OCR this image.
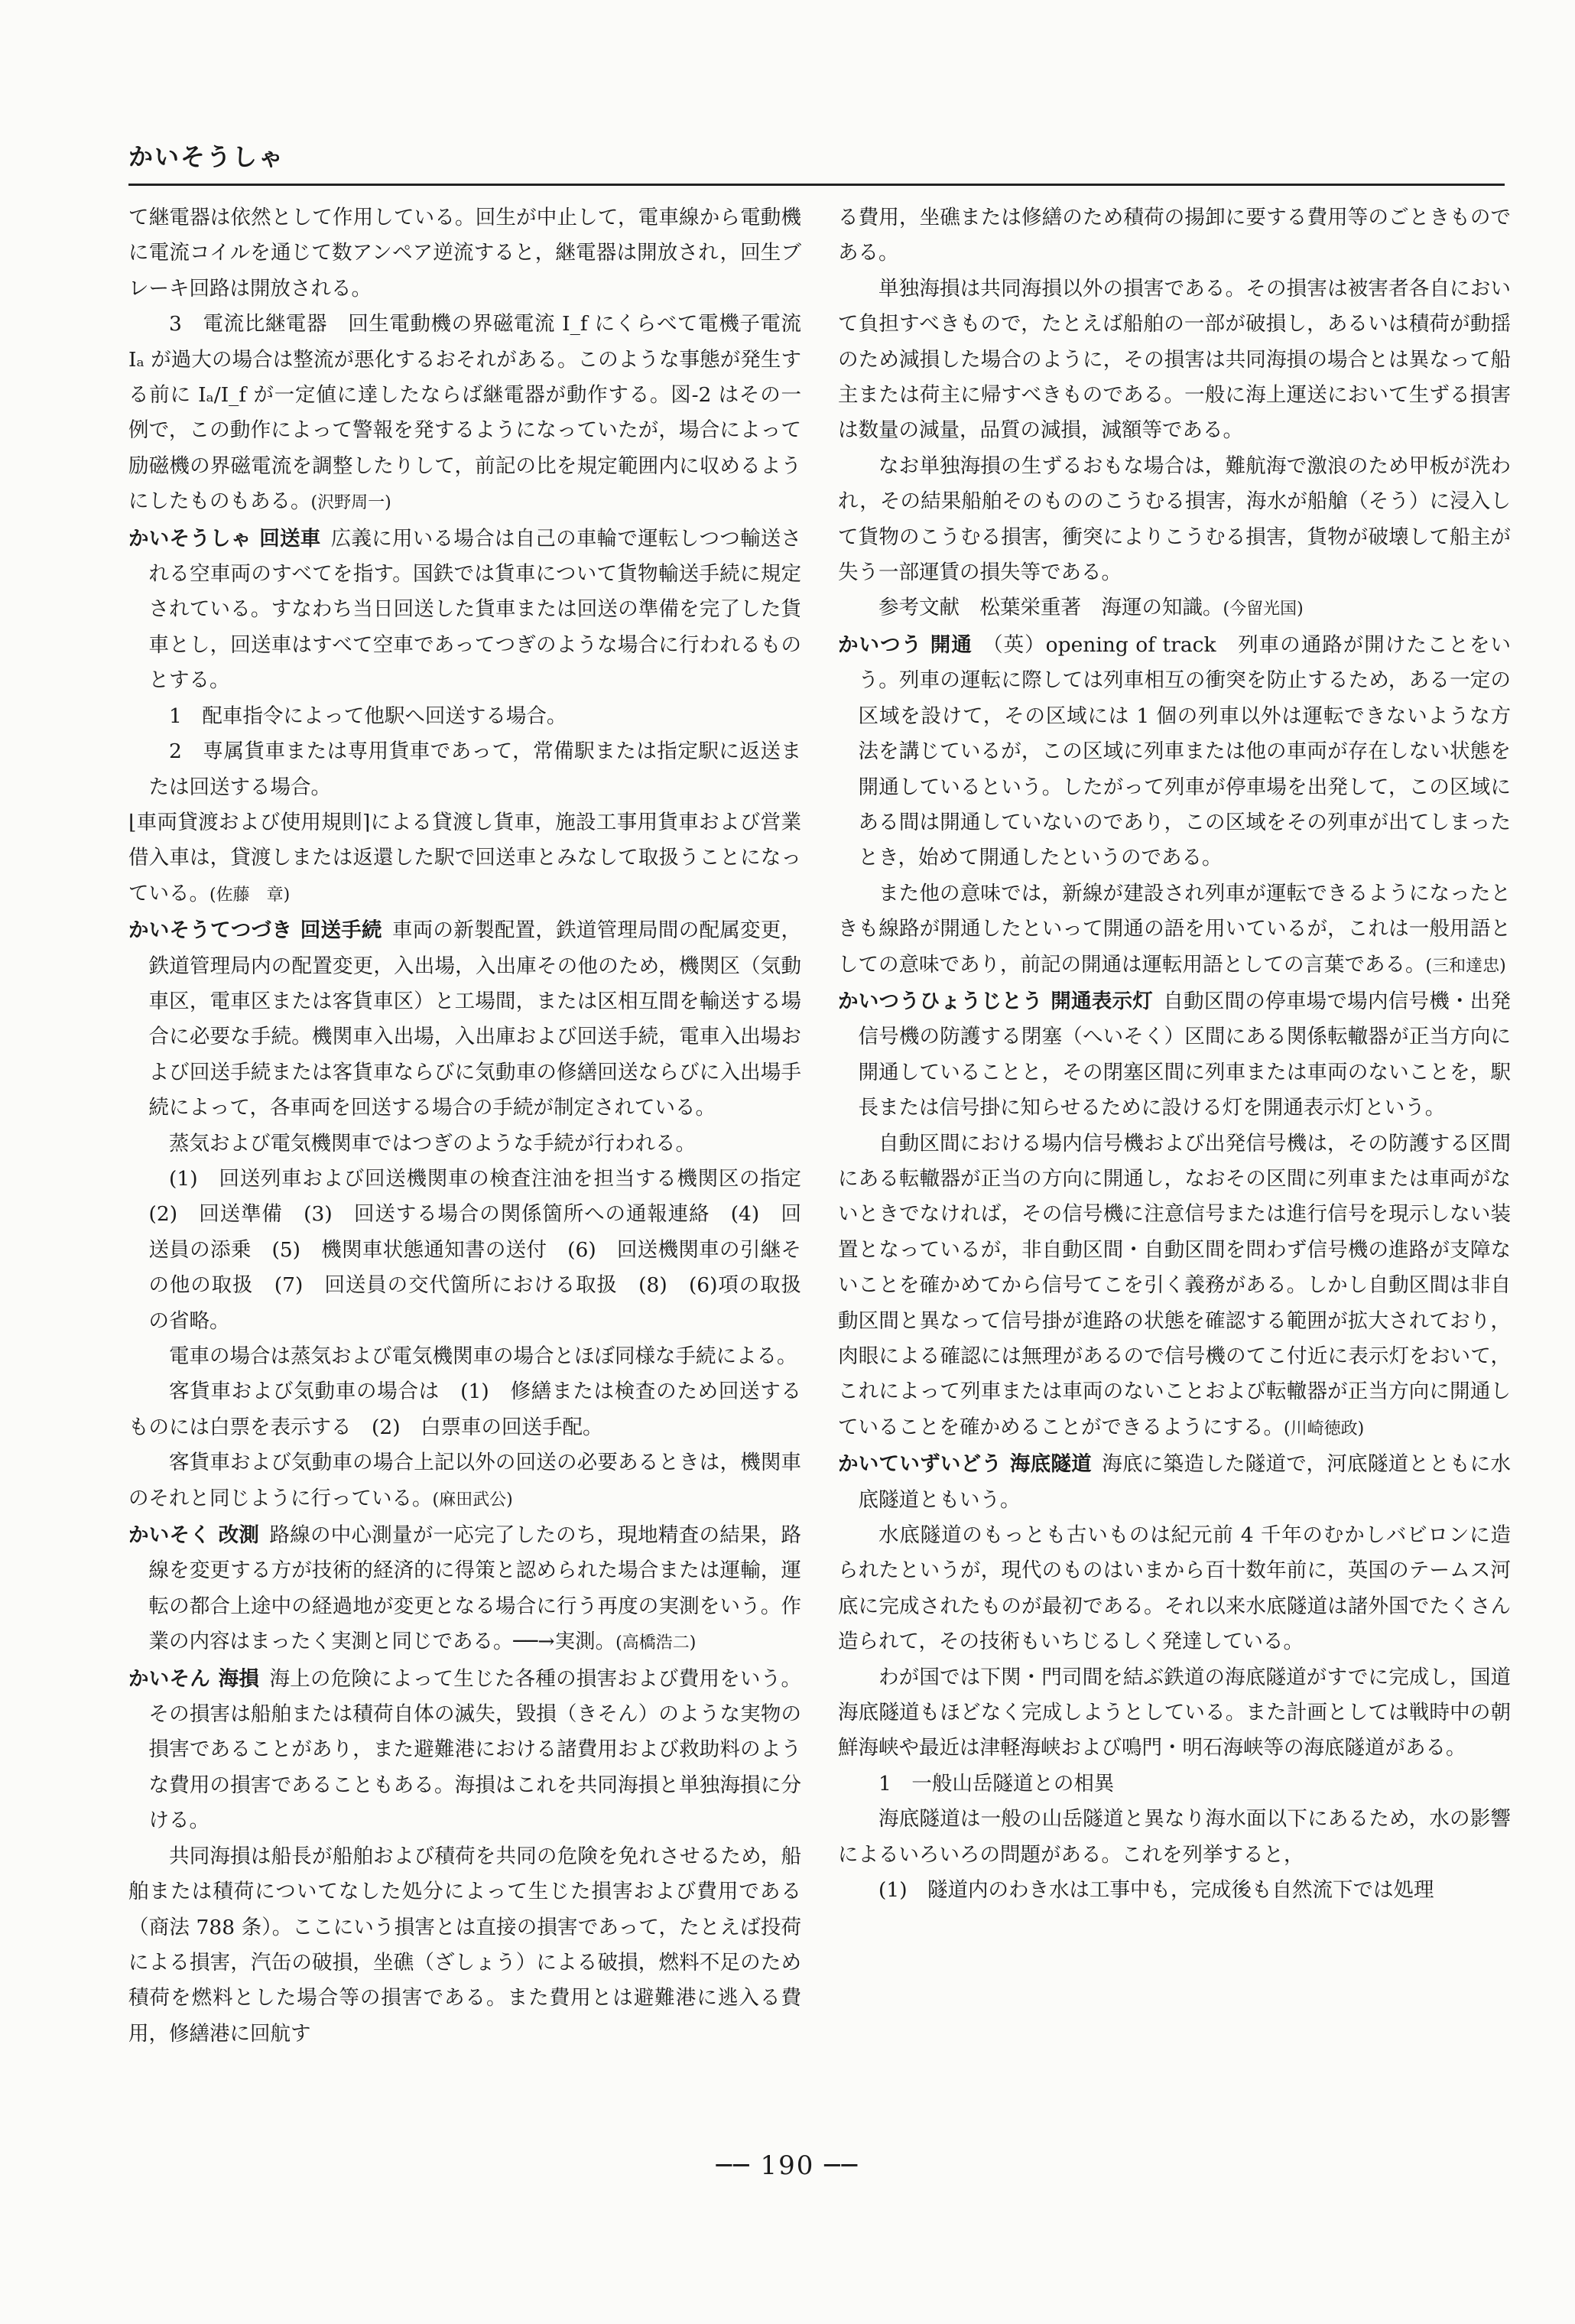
かいそうしゃ

て継電器は依然として作用している。回生が中止して，電車線から電動機に電流コイルを通じて数アンペア逆流すると，継電器は開放され，回生ブレーキ回路は開放される。

3　電流比継電器　回生電動機の界磁電流 I_f にくらべて電機子電流 Iₐ が過大の場合は整流が悪化するおそれがある。このような事態が発生する前に Iₐ/I_f が一定値に達したならば継電器が動作する。図-2 はその一例で，この動作によって警報を発するようになっていたが，場合によって励磁機の界磁電流を調整したりして，前記の比を規定範囲内に収めるようにしたものもある。(沢野周一)

かいそうしゃ 回送車 広義に用いる場合は自己の車輪で運転しつつ輸送される空車両のすべてを指す。国鉄では貨車について貨物輸送手続に規定されている。すなわち当日回送した貨車または回送の準備を完了した貨車とし，回送車はすべて空車であってつぎのような場合に行われるものとする。

1　配車指令によって他駅へ回送する場合。

2　専属貨車または専用貨車であって，常備駅または指定駅に返送または回送する場合。

⌊車両貸渡および使用規則⌉による貸渡し貨車，施設工事用貨車および営業借入車は，貸渡しまたは返還した駅で回送車とみなして取扱うことになっている。(佐藤　章)

かいそうてつづき 回送手続 車両の新製配置，鉄道管理局間の配属変更，鉄道管理局内の配置変更，入出場，入出庫その他のため，機関区（気動車区，電車区または客貨車区）と工場間，または区相互間を輸送する場合に必要な手続。機関車入出場，入出庫および回送手続，電車入出場および回送手続または客貨車ならびに気動車の修繕回送ならびに入出場手続によって，各車両を回送する場合の手続が制定されている。

蒸気および電気機関車ではつぎのような手続が行われる。

(1)　回送列車および回送機関車の検査注油を担当する機関区の指定　(2)　回送準備　(3)　回送する場合の関係箇所への通報連絡　(4)　回送員の添乗　(5)　機関車状態通知書の送付　(6)　回送機関車の引継その他の取扱　(7)　回送員の交代箇所における取扱　(8)　(6)項の取扱の省略。

電車の場合は蒸気および電気機関車の場合とほぼ同様な手続による。

客貨車および気動車の場合は　(1)　修繕または検査のため回送するものには白票を表示する　(2)　白票車の回送手配。

客貨車および気動車の場合上記以外の回送の必要あるときは，機関車のそれと同じように行っている。(麻田武公)

かいそく 改測 路線の中心測量が一応完了したのち，現地精査の結果，路線を変更する方が技術的経済的に得策と認められた場合または運輸，運転の都合上途中の経過地が変更となる場合に行う再度の実測をいう。作業の内容はまったく実測と同じである。──→実測。(高橋浩二)

かいそん 海損 海上の危険によって生じた各種の損害および費用をいう。その損害は船舶または積荷自体の滅失，毀損（きそん）のような実物の損害であることがあり，また避難港における諸費用および救助料のような費用の損害であることもある。海損はこれを共同海損と単独海損に分ける。

共同海損は船長が船舶および積荷を共同の危険を免れさせるため，船舶または積荷についてなした処分によって生じた損害および費用である（商法 788 条）。ここにいう損害とは直接の損害であって，たとえば投荷による損害，汽缶の破損，坐礁（ざしょう）による破損，燃料不足のため積荷を燃料とした場合等の損害である。また費用とは避難港に逃入る費用，修繕港に回航す

る費用，坐礁または修繕のため積荷の揚卸に要する費用等のごときものである。

単独海損は共同海損以外の損害である。その損害は被害者各自において負担すべきもので，たとえば船舶の一部が破損し，あるいは積荷が動揺のため減損した場合のように，その損害は共同海損の場合とは異なって船主または荷主に帰すべきものである。一般に海上運送において生ずる損害は数量の減量，品質の減損，減額等である。

なお単独海損の生ずるおもな場合は，難航海で激浪のため甲板が洗われ，その結果船舶そのもののこうむる損害，海水が船艙（そう）に浸入して貨物のこうむる損害，衝突によりこうむる損害，貨物が破壊して船主が失う一部運賃の損失等である。

参考文献　松葉栄重著　海運の知識。(今留光国)

かいつう 開通 （英）opening of track　列車の通路が開けたことをいう。列車の運転に際しては列車相互の衝突を防止するため，ある一定の区域を設けて，その区域には 1 個の列車以外は運転できないような方法を講じているが，この区域に列車または他の車両が存在しない状態を開通しているという。したがって列車が停車場を出発して，この区域にある間は開通していないのであり，この区域をその列車が出てしまったとき，始めて開通したというのである。

また他の意味では，新線が建設され列車が運転できるようになったときも線路が開通したといって開通の語を用いているが，これは一般用語としての意味であり，前記の開通は運転用語としての言葉である。(三和達忠)

かいつうひょうじとう 開通表示灯 自動区間の停車場で場内信号機・出発信号機の防護する閉塞（へいそく）区間にある関係転轍器が正当方向に開通していることと，その閉塞区間に列車または車両のないことを，駅長または信号掛に知らせるために設ける灯を開通表示灯という。

自動区間における場内信号機および出発信号機は，その防護する区間にある転轍器が正当の方向に開通し，なおその区間に列車または車両がないときでなければ，その信号機に注意信号または進行信号を現示しない装置となっているが，非自動区間・自動区間を問わず信号機の進路が支障ないことを確かめてから信号てこを引く義務がある。しかし自動区間は非自動区間と異なって信号掛が進路の状態を確認する範囲が拡大されており，肉眼による確認には無理があるので信号機のてこ付近に表示灯をおいて，これによって列車または車両のないことおよび転轍器が正当方向に開通していることを確かめることができるようにする。(川崎徳政)

かいていずいどう 海底隧道 海底に築造した隧道で，河底隧道とともに水底隧道ともいう。

水底隧道のもっとも古いものは紀元前 4 千年のむかしバビロンに造られたというが，現代のものはいまから百十数年前に，英国のテームス河底に完成されたものが最初である。それ以来水底隧道は諸外国でたくさん造られて，その技術もいちじるしく発達している。

わが国では下関・門司間を結ぶ鉄道の海底隧道がすでに完成し，国道海底隧道もほどなく完成しようとしている。また計画としては戦時中の朝鮮海峡や最近は津軽海峡および鳴門・明石海峡等の海底隧道がある。

1　一般山岳隧道との相異

海底隧道は一般の山岳隧道と異なり海水面以下にあるため，水の影響によるいろいろの問題がある。これを列挙すると，

(1)　隧道内のわき水は工事中も，完成後も自然流下では処理

── 190 ──
